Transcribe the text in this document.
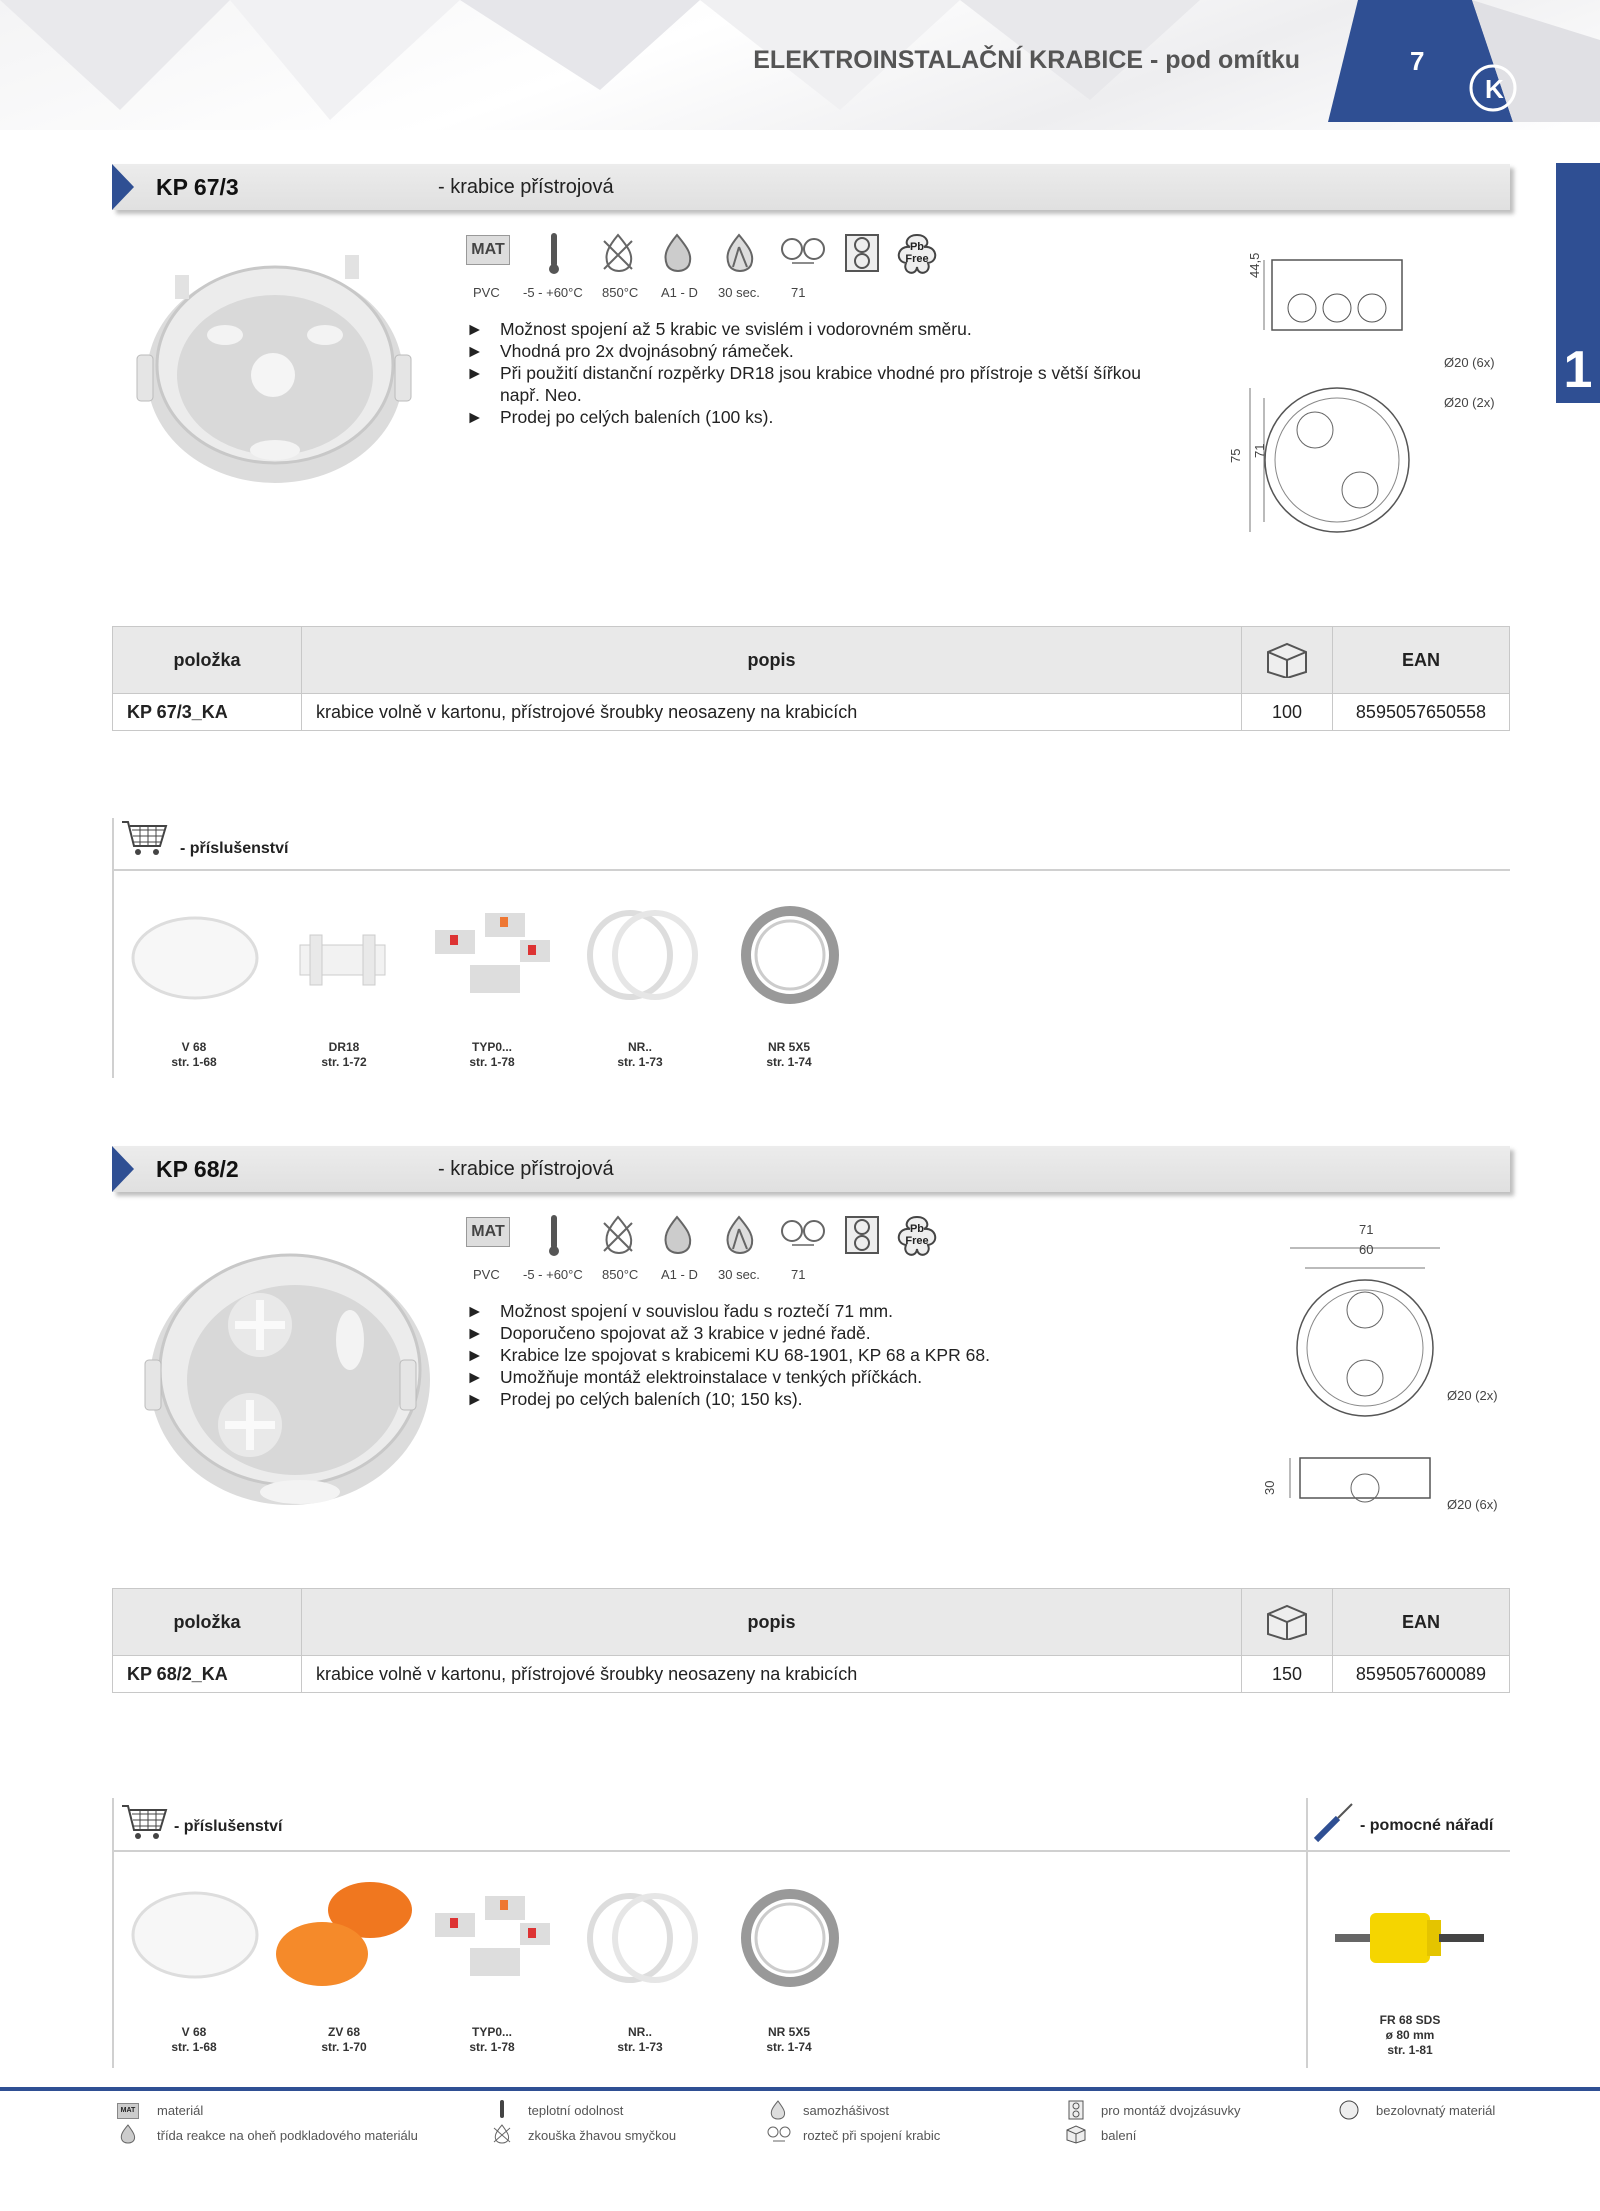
ELEKTROINSTALAČNÍ KRABICE - pod omítku
K
7
1
KP 67/3	- krabice přístrojová
MAT	Pb
Free
PVC -5 - +60°C 850°C A1 - D 30 sec. 71
► Možnost spojení až 5 krabic ve svislém i vodorovném směru.
► Vhodná pro 2x dvojnásobný rámeček.
► Při použití distanční rozpěrky DR18 jsou krabice vhodné pro přístroje s větší šířkou
např. Neo.
► Prodej po celých baleních (100 ks).
44,5
Ø20 (6x)
Ø20 (2x)
75 71
položka	popis		EAN
KP 67/3_KA	krabice volně v kartonu, přístrojové šroubky neosazeny na krabicích	100	8595057650558
- příslušenství
V 68
str. 1-68
DR18
str. 1-72
TYP0...
str. 1-78
NR..
str. 1-73
NR 5X5
str. 1-74
KP 68/2	- krabice přístrojová
MAT	Pb
Free
PVC -5 - +60°C 850°C A1 - D 30 sec. 71
► Možnost spojení v souvislou řadu s roztečí 71 mm.
► Doporučeno spojovat až 3 krabice v jedné řadě.
► Krabice lze spojovat s krabicemi KU 68-1901, KP 68 a KPR 68.
► Umožňuje montáž elektroinstalace v tenkých příčkách.
► Prodej po celých baleních (10; 150 ks).
71
60
Ø20 (2x)
30
Ø20 (6x)
položka	popis		EAN
KP 68/2_KA	krabice volně v kartonu, přístrojové šroubky neosazeny na krabicích	150	8595057600089
- příslušenství	- pomocné nářadí
V 68
str. 1-68
ZV 68
str. 1-70
TYP0...
str. 1-78
NR..
str. 1-73
NR 5X5
str. 1-74
FR 68 SDS
ø 80 mm
str. 1-81
MAT materiál	teplotní odolnost	samozhášivost	pro montáž dvojzásuvky	bezolovnatý materiál
třída reakce na oheň podkladového materiálu	zkouška žhavou smyčkou	rozteč při spojení krabic	balení
